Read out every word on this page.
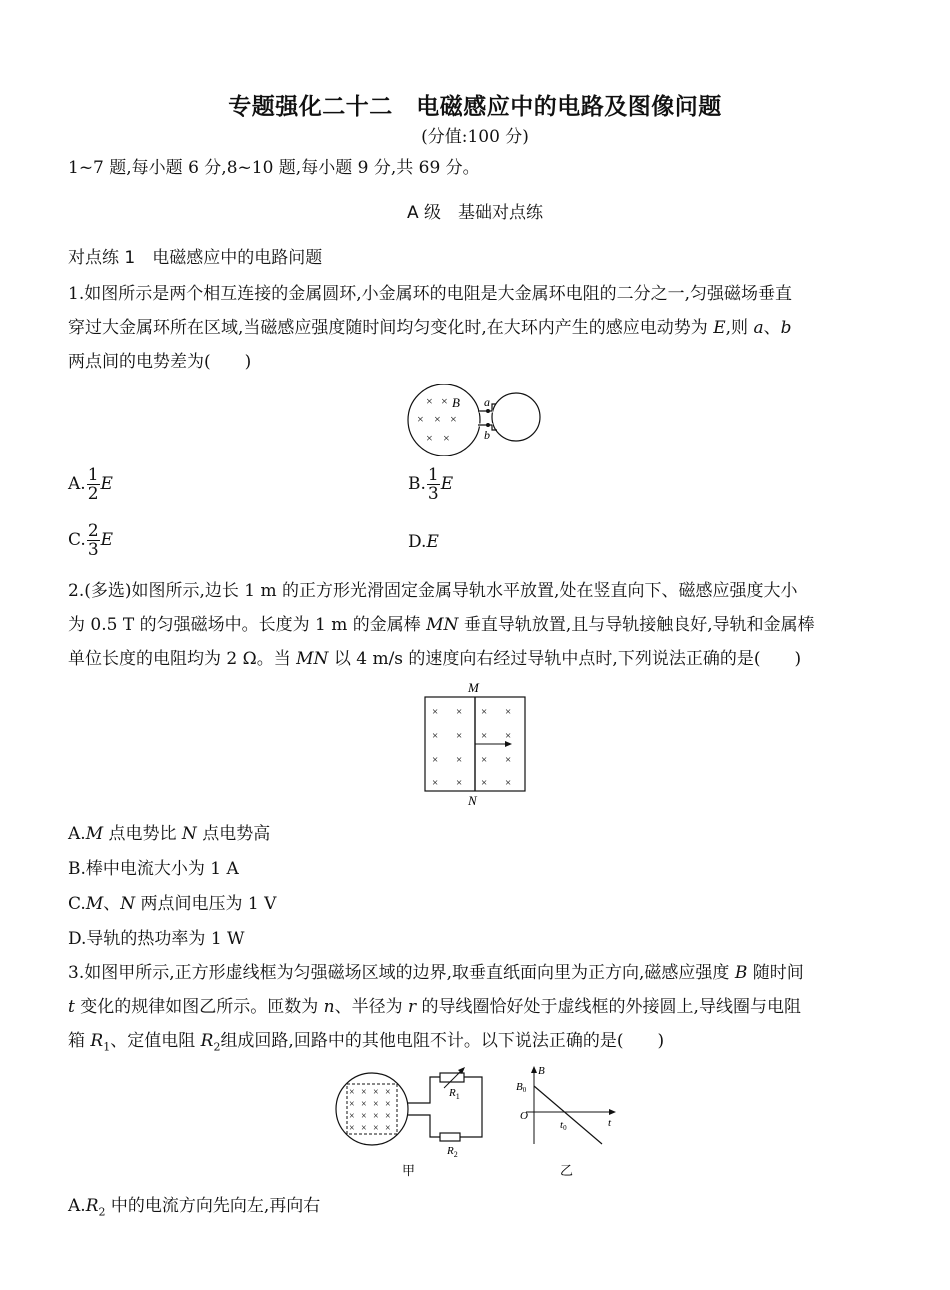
专题强化二十二　电磁感应中的电路及图像问题
(分值:100 分)
1~7 题,每小题 6 分,8~10 题,每小题 9 分,共 69 分。
A 级　基础对点练
对点练 1　电磁感应中的电路问题
1.如图所示是两个相互连接的金属圆环,小金属环的电阻是大金属环电阻的二分之一,匀强磁场垂直
穿过大金属环所在区域,当磁感应强度随时间均匀变化时,在大环内产生的感应电动势为 E,则 a、b
两点间的电势差为(　　)
a
b
B
× ×
× × ×
× ×
A. $\frac{1}{2}$ E	B. $\frac{1}{3}$ E
C. $\frac{2}{3}$ E	D.E
2.(多选)如图所示,边长 1 m 的正方形光滑固定金属导轨水平放置,处在竖直向下、磁感应强度大小
为 0.5 T 的匀强磁场中。长度为 1 m 的金属棒 MN 垂直导轨放置,且与导轨接触良好,导轨和金属棒
单位长度的电阻均为 2 Ω。当 MN 以 4 m/s 的速度向右经过导轨中点时,下列说法正确的是(　　)
M
N
× × × ×
× × × ×
× × × ×
× × × ×
A.M 点电势比 N 点电势高
B.棒中电流大小为 1 A
C.M、N 两点间电压为 1 V
D.导轨的热功率为 1 W
3.如图甲所示,正方形虚线框为匀强磁场区域的边界,取垂直纸面向里为正方向,磁感应强度 B 随时间
t 变化的规律如图乙所示。匝数为 n、半径为 r 的导线圈恰好处于虚线框的外接圆上,导线圈与电阻
箱 $R_1$、定值电阻 $R_2$组成回路,回路中的其他电阻不计。以下说法正确的是(　　)
× × × ×
× × × ×
× × × ×
× × × ×
$R_1$
$R_2$
甲
B
B0
O
t0	t
乙
$A.R_2$ 中的电流方向先向左,再向右
